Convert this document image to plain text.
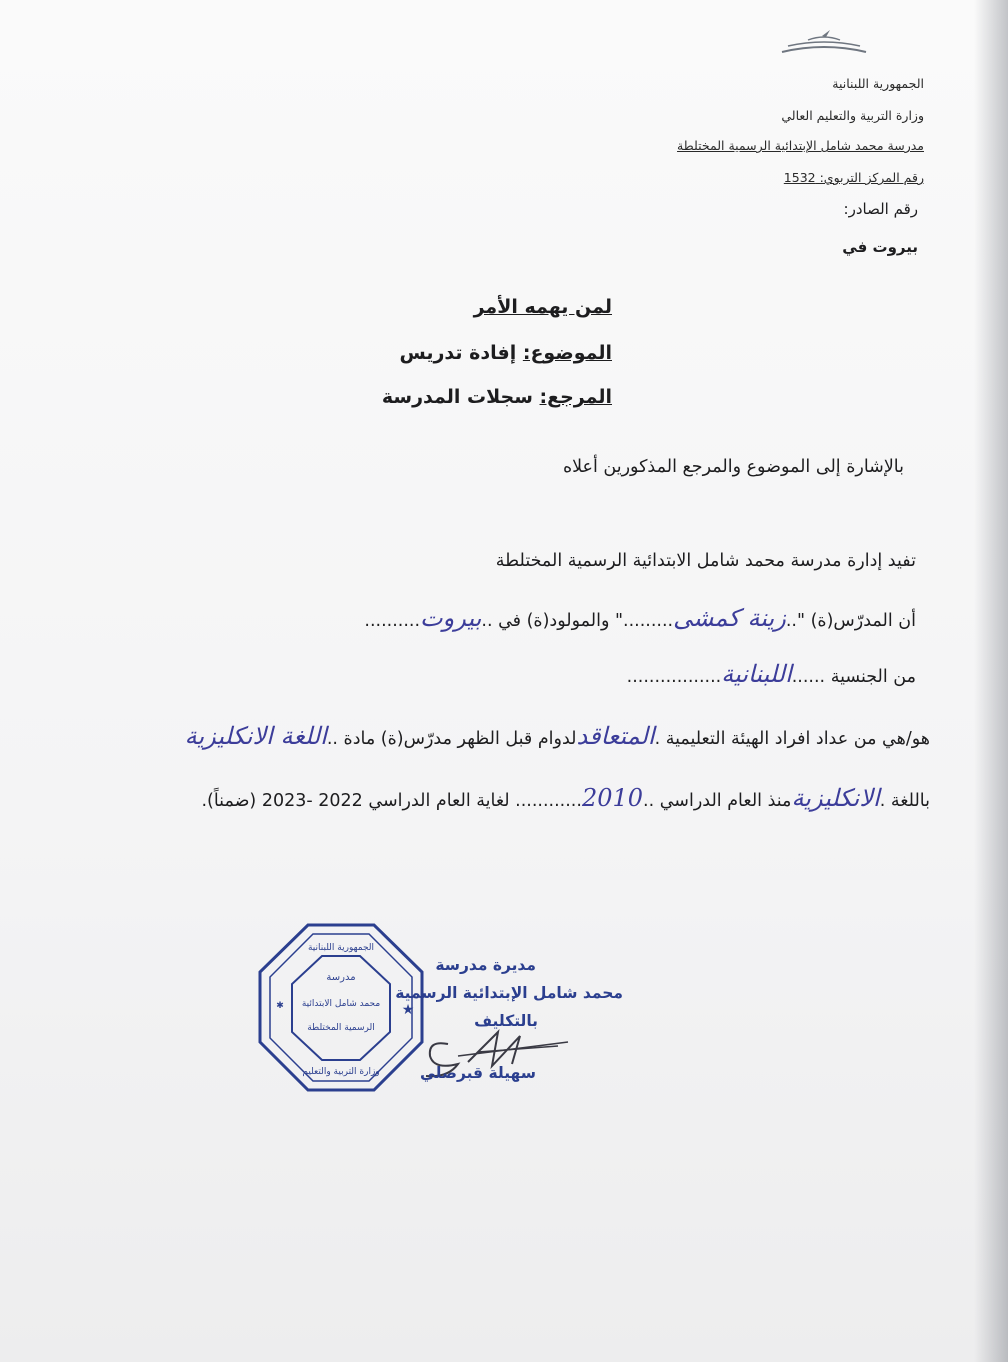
الجمهورية اللبنانية
وزارة التربية والتعليم العالي
مدرسة محمد شامل الإبتدائية الرسمية المختلطة
رقم المركز التربوي: 1532
رقم الصادر:
بيروت في
لمن يهمه الأمر
الموضوع: إفادة تدريس
المرجع: سجلات المدرسة
بالإشارة إلى الموضوع والمرجع المذكورين أعلاه
تفيد إدارة مدرسة محمد شامل الابتدائية الرسمية المختلطة
أن المدرّس(ة) "..زينة كمشى........." والمولود(ة) في ..بيروت..........
من الجنسية ......اللبنانية.................
هو/هي من عداد افراد الهيئة التعليمية .المتعاقدلدوام قبل الظهر مدرّس(ة) مادة ..اللغة الانكليزية
باللغة .الانكليزيةمنذ العام الدراسي ..2010............ لغاية العام الدراسي 2022 -2023 (ضمناً).
الجمهورية اللبنانية
وزارة التربية والتعليم
مدرسة
محمد شامل الابتدائية
الرسمية المختلطة
★
✱
مديرة مدرسة
محمد شامل الإبتدائية الرسمية
بالتكليف
سهيلة قبرصلي
